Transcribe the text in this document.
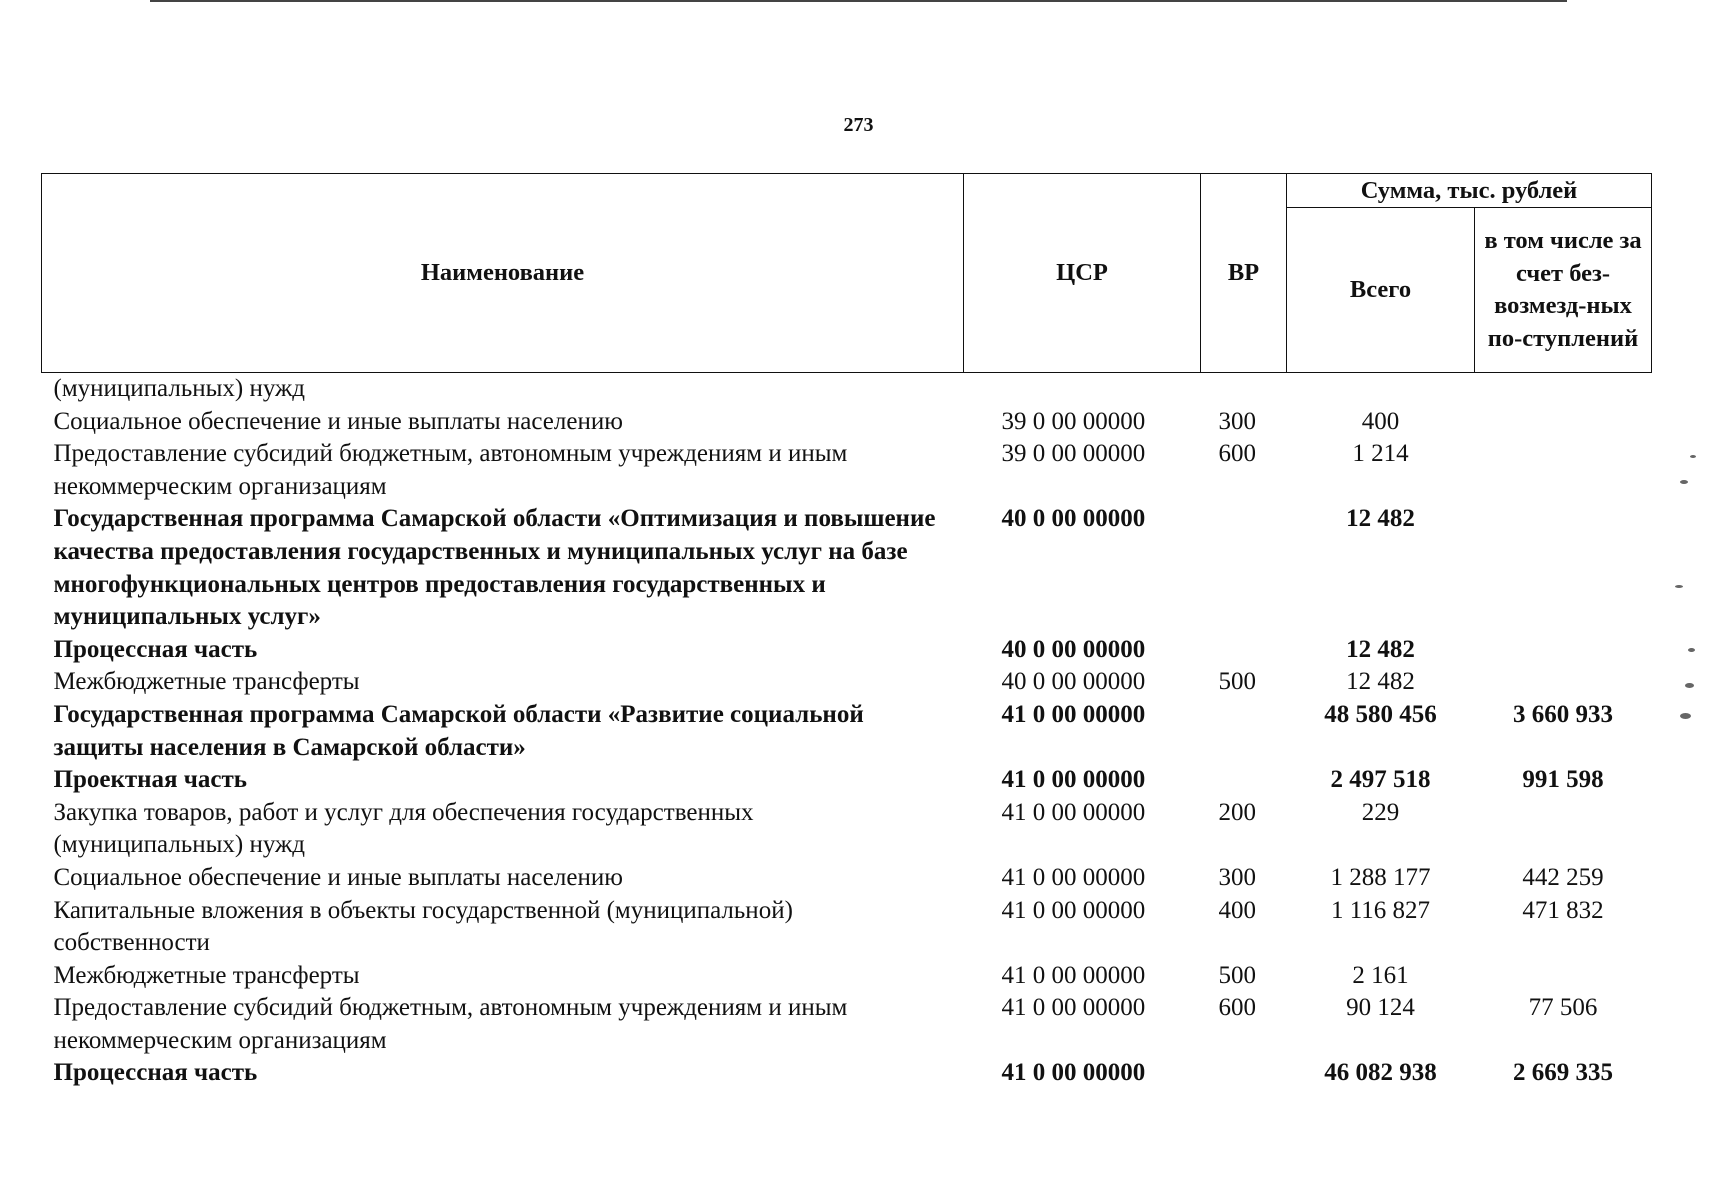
273
Наименование	ЦСР	ВР	Сумма, тыс. рублей	
			Всего	в том числе за счет без-возмезд-ных по-ступлений
(муниципальных) нужд				
Социальное обеспечение и иные выплаты населению	39 0 00 00000	300	400	
Предоставление субсидий бюджетным, автономным учреждениям и иным некоммерческим организациям	39 0 00 00000	600	1 214	
Государственная программа Самарской области «Оптимизация и повышение качества предоставления государственных и муниципальных услуг на базе многофункциональных центров предоставления государственных и муниципальных услуг»	40 0 00 00000		12 482	
Процессная часть	40 0 00 00000		12 482	
Межбюджетные трансферты	40 0 00 00000	500	12 482	
Государственная программа Самарской области «Развитие социальной защиты населения в Самарской области»	41 0 00 00000		48 580 456	3 660 933
Проектная часть	41 0 00 00000		2 497 518	991 598
Закупка товаров, работ и услуг для обеспечения государственных (муниципальных) нужд	41 0 00 00000	200	229	
Социальное обеспечение и иные выплаты населению	41 0 00 00000	300	1 288 177	442 259
Капитальные вложения в объекты государственной (муниципальной) собственности	41 0 00 00000	400	1 116 827	471 832
Межбюджетные трансферты	41 0 00 00000	500	2 161	
Предоставление субсидий бюджетным, автономным учреждениям и иным некоммерческим организациям	41 0 00 00000	600	90 124	77 506
Процессная часть	41 0 00 00000		46 082 938	2 669 335
